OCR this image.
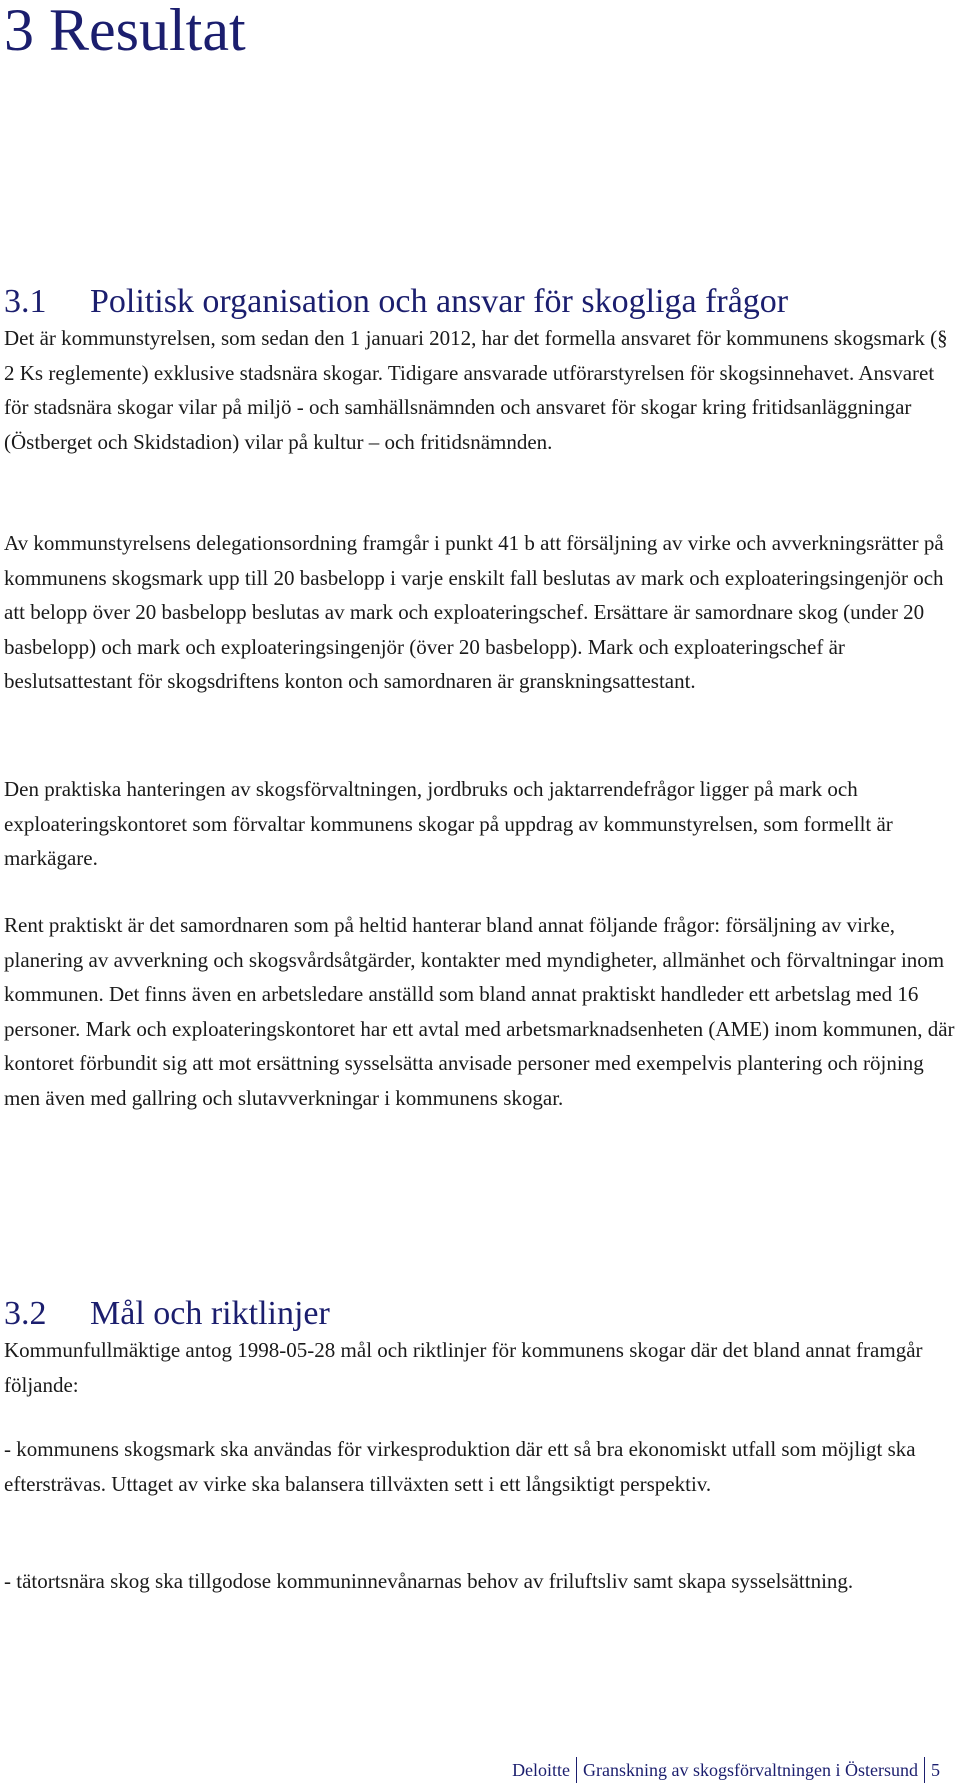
3 Resultat
3.1 Politisk organisation och ansvar för skogliga frågor

Det är kommunstyrelsen, som sedan den 1 januari 2012, har det formella ansvaret för kommunens skogsmark (§ 2 Ks reglemente) exklusive stadsnära skogar. Tidigare ansvarade utförarstyrelsen för skogsinnehavet. Ansvaret för stadsnära skogar vilar på miljö - och samhällsnämnden och ansvaret för skogar kring fritidsanläggningar (Östberget och Skidstadion) vilar på kultur – och fritidsnämnden.

Av kommunstyrelsens delegationsordning framgår i punkt 41 b att försäljning av virke och avverkningsrätter på kommunens skogsmark upp till 20 basbelopp i varje enskilt fall beslutas av mark och exploateringsingenjör och att belopp över 20 basbelopp beslutas av mark och exploateringschef. Ersättare är samordnare skog (under 20 basbelopp) och mark och exploateringsingenjör (över 20 basbelopp). Mark och exploateringschef är beslutsattestant för skogsdriftens konton och samordnaren är granskningsattestant.

Den praktiska hanteringen av skogsförvaltningen, jordbruks och jaktarrendefrågor ligger på mark och exploateringskontoret som förvaltar kommunens skogar på uppdrag av kommunstyrelsen, som formellt är markägare.

Rent praktiskt är det samordnaren som på heltid hanterar bland annat följande frågor: försäljning av virke, planering av avverkning och skogsvårdsåtgärder, kontakter med myndigheter, allmänhet och förvaltningar inom kommunen. Det finns även en arbetsledare anställd som bland annat praktiskt handleder ett arbetslag med 16 personer. Mark och exploateringskontoret har ett avtal med arbetsmarknadsenheten (AME) inom kommunen, där kontoret förbundit sig att mot ersättning sysselsätta anvisade personer med exempelvis plantering och röjning men även med gallring och slutavverkningar i kommunens skogar.

3.2 Mål och riktlinjer

Kommunfullmäktige antog 1998-05-28 mål och riktlinjer för kommunens skogar där det bland annat framgår följande:

- kommunens skogsmark ska användas för virkesproduktion där ett så bra ekonomiskt utfall som möjligt ska eftersträvas. Uttaget av virke ska balansera tillväxten sett i ett långsiktigt perspektiv.

- tätortsnära skog ska tillgodose kommuninnevånarnas behov av friluftsliv samt skapa sysselsättning.

Deloitte Granskning av skogsförvaltningen i Östersund 5
